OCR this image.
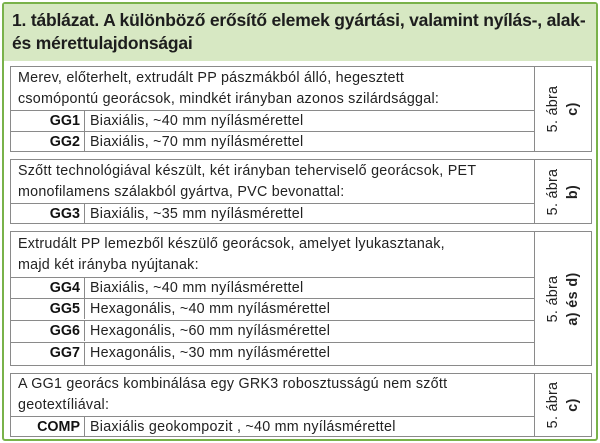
1. táblázat. A különböző erősítő elemek gyártási, valamint nyílás-, alak-
és mérettulajdonságai
Merev, előterhelt, extrudált PP pászmákból álló, hegesztett
csomópontú georácsok, mindkét irányban azonos szilárdsággal:
GG1 Biaxiális, ~40 mm nyílásmérettel
GG2 Biaxiális, ~70 mm nyílásmérettel
5. ábra c)
Szőtt technológiával készült, két irányban teherviselő georácsok, PET
monofilamens szálakból gyártva, PVC bevonattal:
GG3 Biaxiális, ~35 mm nyílásmérettel	5. ábra b)
Extrudált PP lemezből készülő georácsok, amelyet lyukasztanak,
majd két irányba nyújtanak:
GG4 Biaxiális, ~40 mm nyílásmérettel
GG5 Hexagonális, ~40 mm nyílásmérettel
GG6 Hexagonális, ~60 mm nyílásmérettel
GG7 Hexagonális, ~30 mm nyílásmérettel
5. ábra a) és d)
A GG1 georács kombinálása egy GRK3 robosztusságú nem szőtt
geotextíliával:
COMP Biaxiális geokompozit , ~40 mm nyílásmérettel	5. ábra c)
